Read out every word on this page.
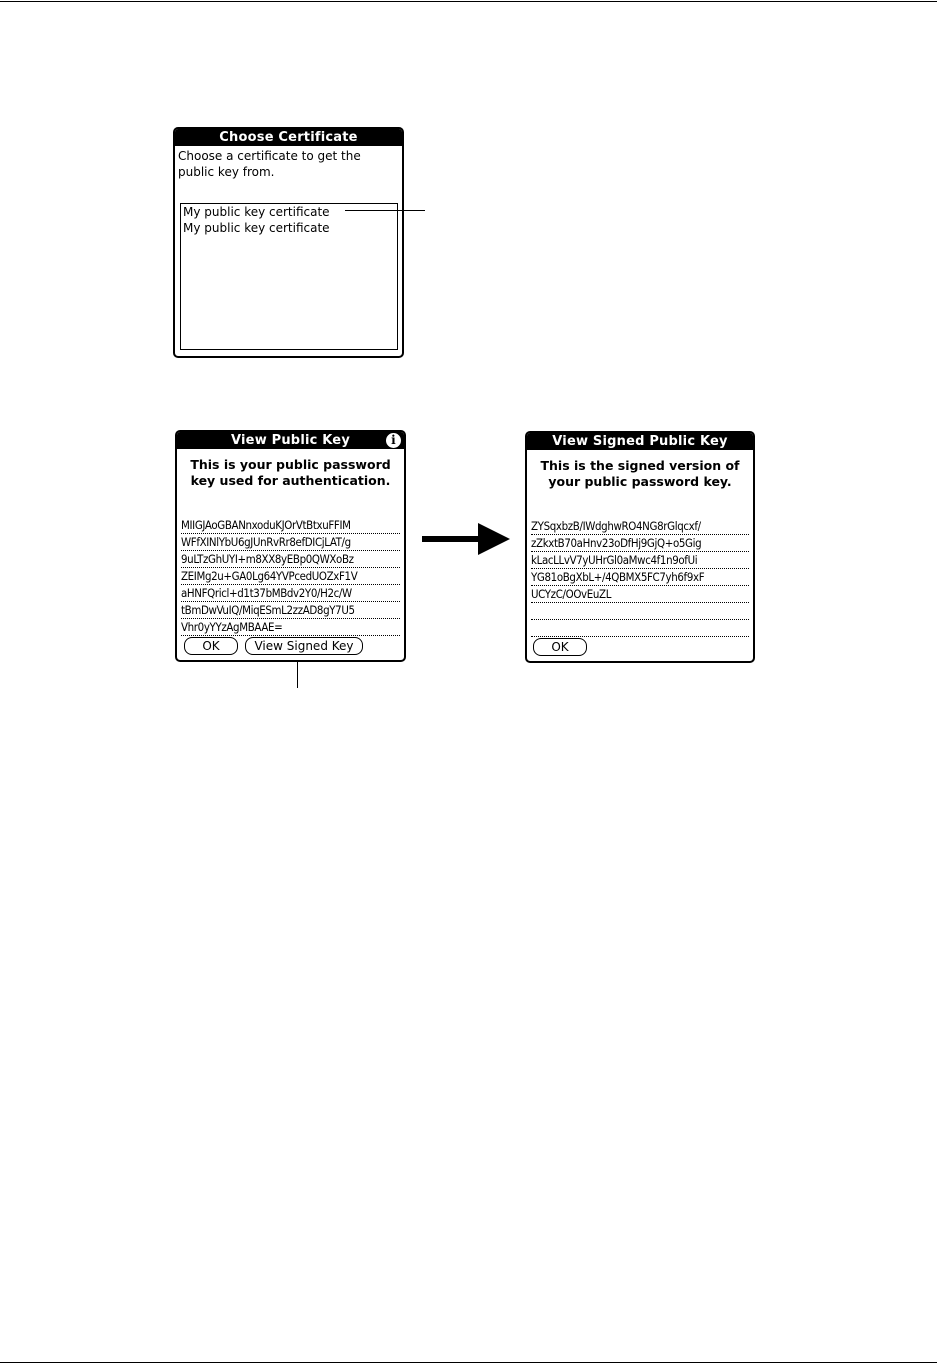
Choose Certificate
Choose a certificate to get the public key from.
My public key certificate
My public key certificate
View Public Key	i
This is your public password key used for authentication.
MIIGJAoGBANnxoduKJOrVtBtxuFFIM
WFfXINlYbU6gJUnRvRr8efDICjLAT/g
9uLTzGhUYI+m8XX8yEBp0QWXoBz
ZEIMg2u+GA0Lg64YVPcedUOZxF1V
aHNFQricl+d1t37bMBdv2Y0/H2c/W
tBmDwVuIQ/MiqESmL2zzAD8gY7U5
Vhr0yYYzAgMBAAE=
OK	View Signed Key
View Signed Public Key
This is the signed version of your public password key.
ZYSqxbzB/IWdghwRO4NG8rGlqcxf/
zZkxtB70aHnv23oDfHj9GjQ+o5Gig
kLacLLvV7yUHrGl0aMwc4f1n9ofUi
YG81oBgXbL+/4QBMX5FC7yh6f9xF
UCYzC/OOvEuZL
OK
